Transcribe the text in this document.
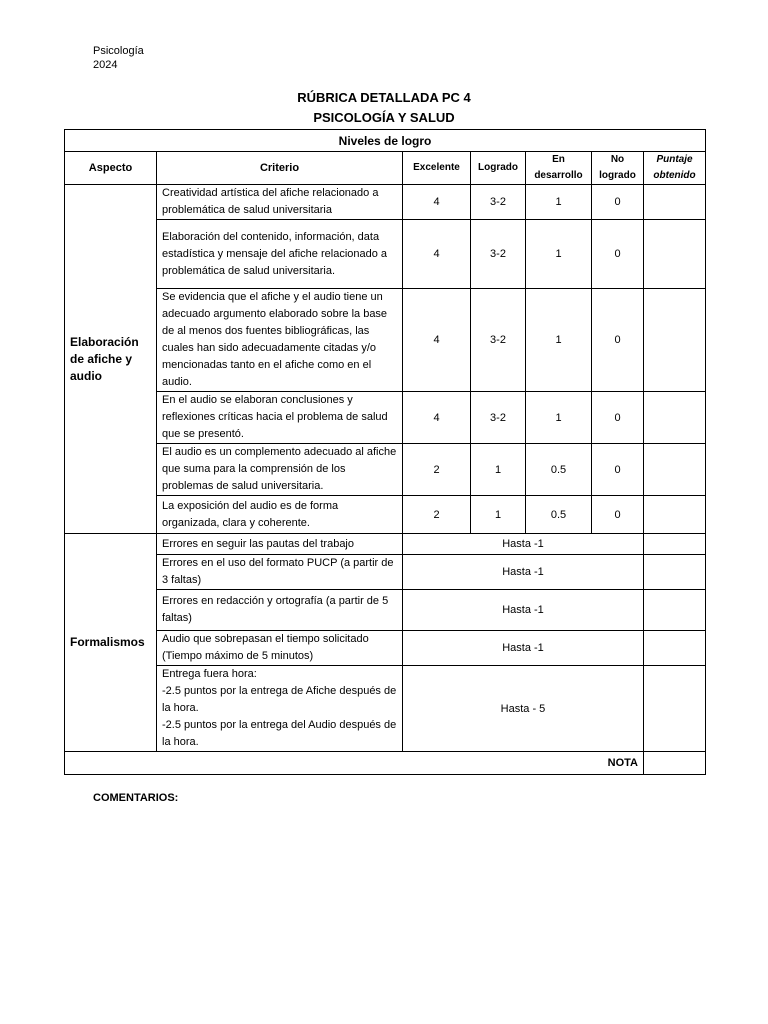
Psicología
2024
RÚBRICA DETALLADA PC 4
PSICOLOGÍA Y SALUD
Niveles de logro						
Aspecto	Criterio	Excelente	Logrado	En desarrollo	No logrado	Puntaje obtenido
Elaboración de afiche y audio	Creatividad artística del afiche relacionado a problemática de salud universitaria	4	3-2	1	0	
	Elaboración del contenido, información, data estadística y mensaje del afiche relacionado a problemática de salud universitaria.	4	3-2	1	0	
	Se evidencia que el afiche y el audio tiene un adecuado argumento elaborado sobre la base de al menos dos fuentes bibliográficas, las cuales han sido adecuadamente citadas y/o mencionadas tanto en el afiche como en el audio.	4	3-2	1	0	
	En el audio se elaboran conclusiones y reflexiones críticas hacia el problema de salud que se presentó.	4	3-2	1	0	
	El audio es un complemento adecuado al afiche que suma para la comprensión de los problemas de salud universitaria.	2	1	0.5	0	
	La exposición del audio es de forma organizada, clara y coherente.	2	1	0.5	0	
Formalismos	Errores en seguir las pautas del trabajo	Hasta -1				
	Errores en el uso del formato PUCP (a partir de 3 faltas)	Hasta -1				
	Errores en redacción y ortografía (a partir de 5 faltas)	Hasta -1				
	Audio que sobrepasan el tiempo solicitado (Tiempo máximo de 5 minutos)	Hasta -1				

	Entrega fuera hora:
-2.5 puntos por la entrega de Afiche después de la hora.
-2.5 puntos por la entrega del Audio después de la hora.	Hasta - 5				
NOTA						
COMENTARIOS:
